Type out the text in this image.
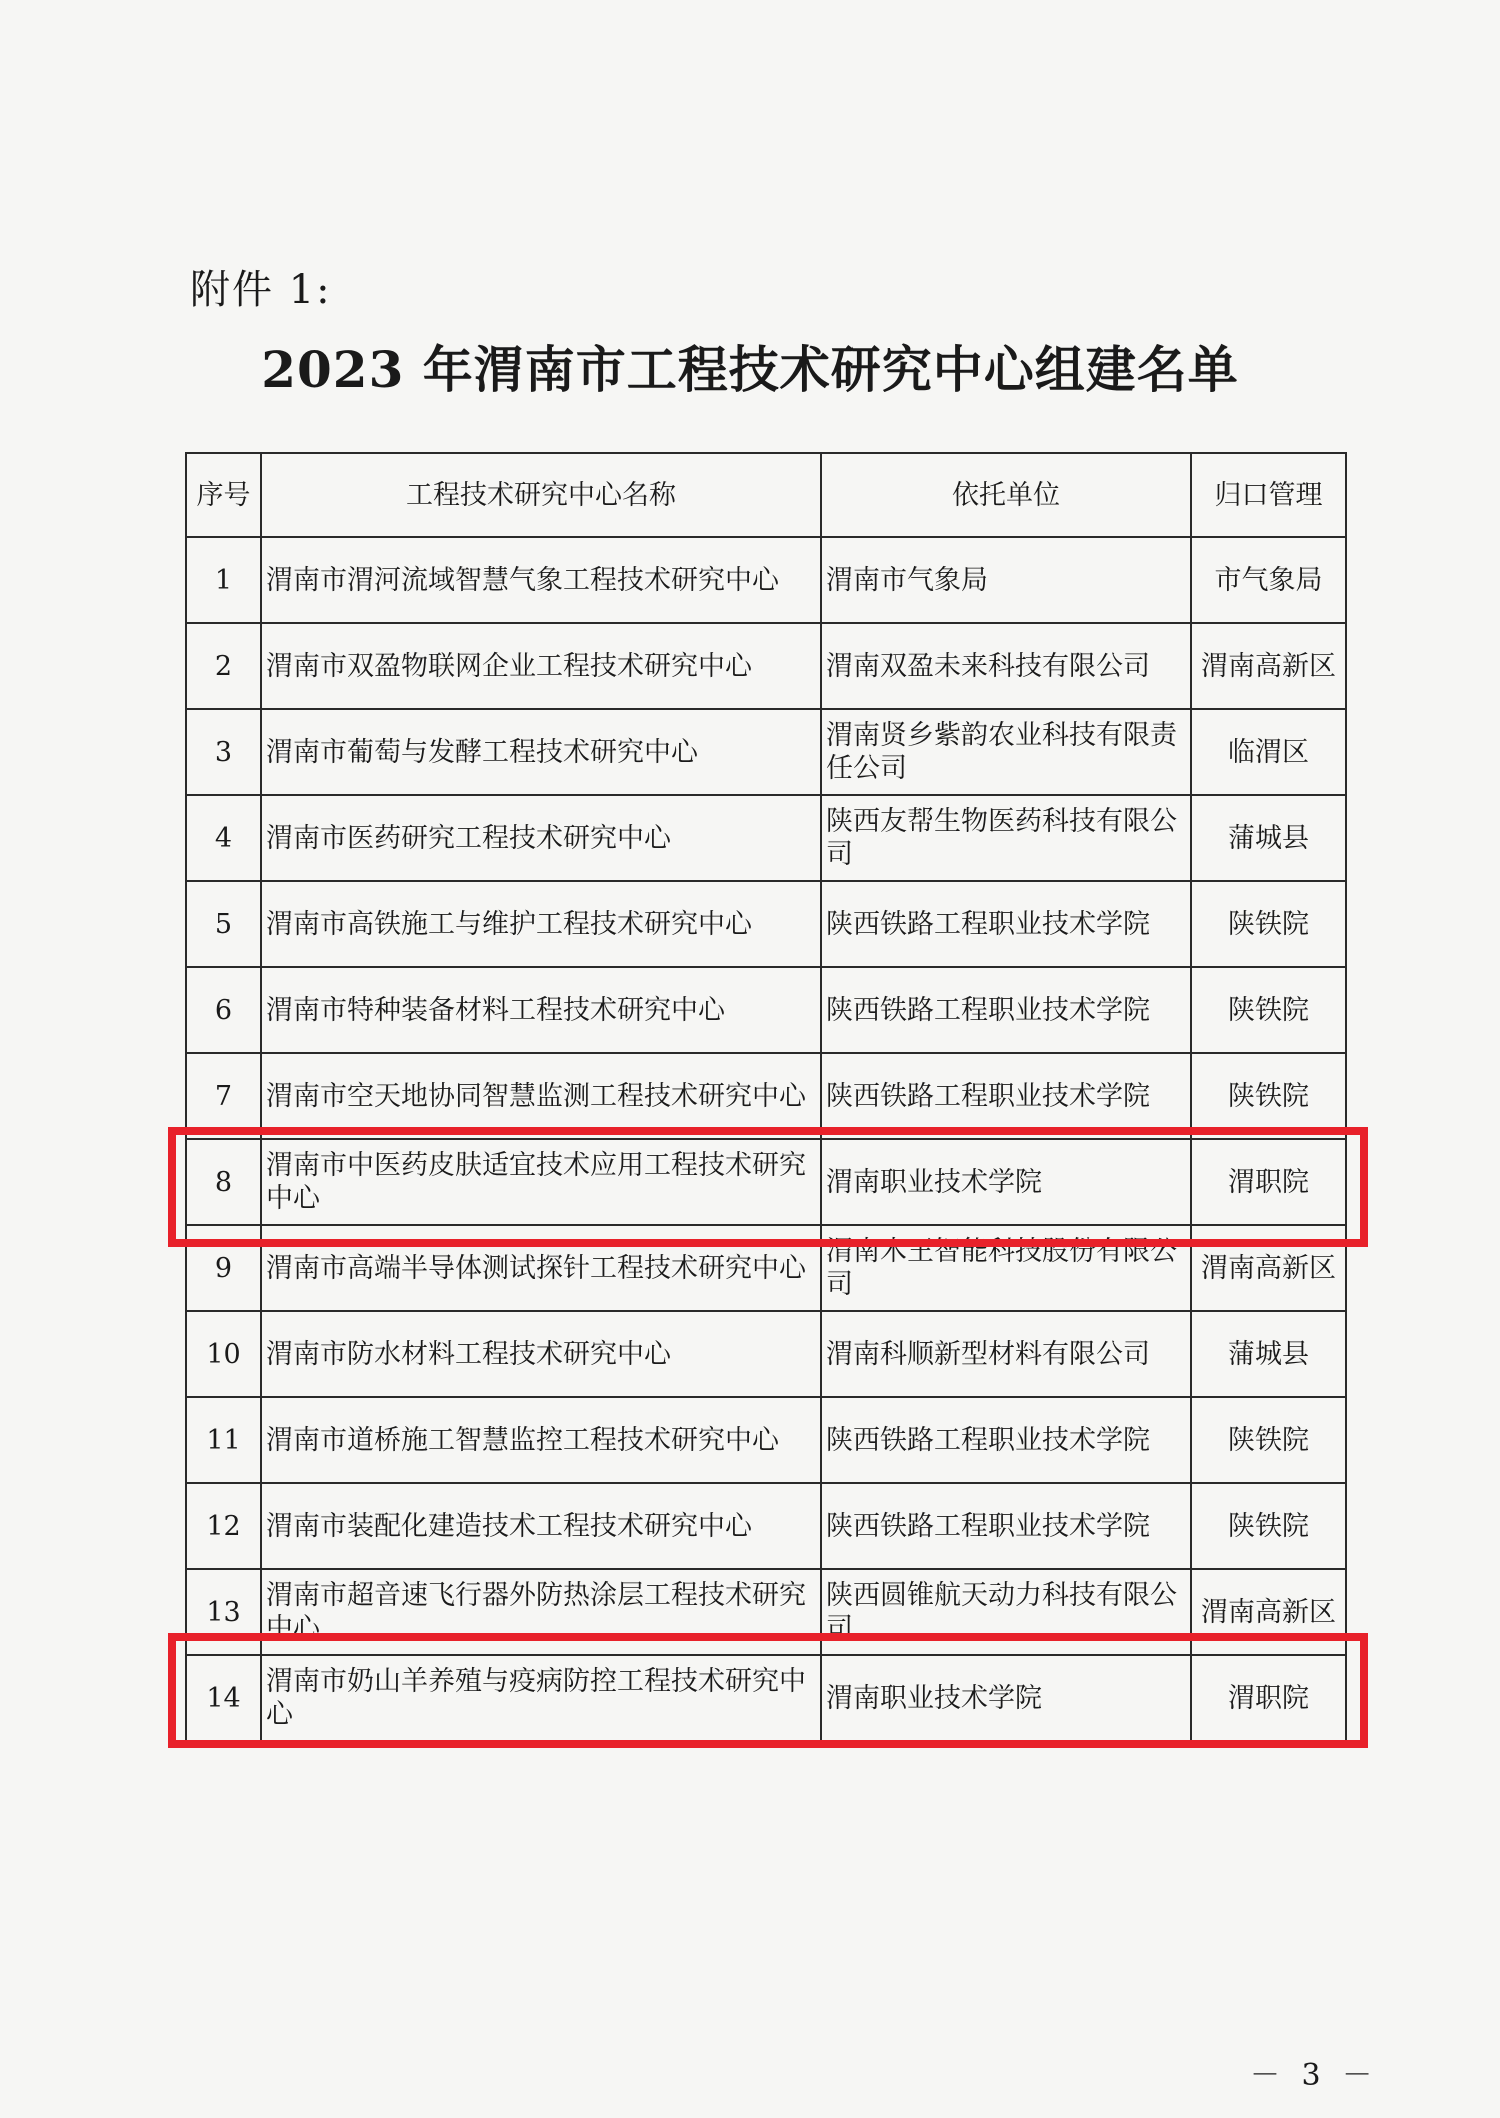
附件 1:
2023 年渭南市工程技术研究中心组建名单
序号	工程技术研究中心名称	依托单位	归口管理
1	渭南市渭河流域智慧气象工程技术研究中心	渭南市气象局	市气象局
2	渭南市双盈物联网企业工程技术研究中心	渭南双盈未来科技有限公司	渭南高新区
3	渭南市葡萄与发酵工程技术研究中心	渭南贤乡紫韵农业科技有限责任公司	临渭区
4	渭南市医药研究工程技术研究中心	陕西友帮生物医药科技有限公司	蒲城县
5	渭南市高铁施工与维护工程技术研究中心	陕西铁路工程职业技术学院	陕铁院
6	渭南市特种装备材料工程技术研究中心	陕西铁路工程职业技术学院	陕铁院
7	渭南市空天地协同智慧监测工程技术研究中心	陕西铁路工程职业技术学院	陕铁院
8	渭南市中医药皮肤适宜技术应用工程技术研究中心	渭南职业技术学院	渭职院
9	渭南市高端半导体测试探针工程技术研究中心	渭南木王智能科技股份有限公司	渭南高新区
10	渭南市防水材料工程技术研究中心	渭南科顺新型材料有限公司	蒲城县
11	渭南市道桥施工智慧监控工程技术研究中心	陕西铁路工程职业技术学院	陕铁院
12	渭南市装配化建造技术工程技术研究中心	陕西铁路工程职业技术学院	陕铁院
13	渭南市超音速飞行器外防热涂层工程技术研究中心	陕西圆锥航天动力科技有限公司	渭南高新区
14	渭南市奶山羊养殖与疫病防控工程技术研究中心	渭南职业技术学院	渭职院
－ 3 －
